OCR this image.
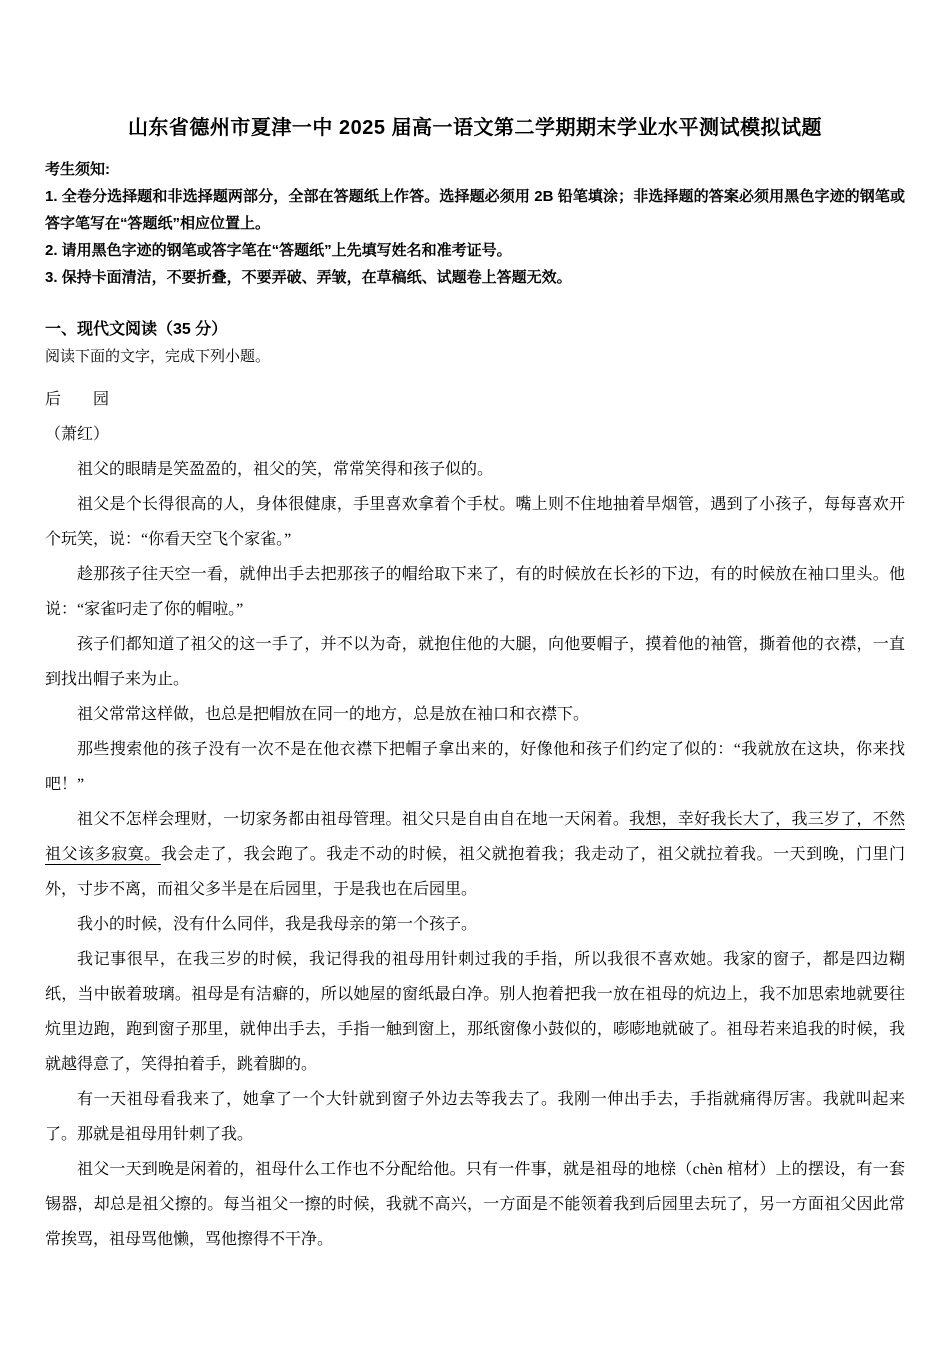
山东省德州市夏津一中 2025 届高一语文第二学期期末学业水平测试模拟试题

考生须知:

1. 全卷分选择题和非选择题两部分，全部在答题纸上作答。选择题必须用 2B 铅笔填涂；非选择题的答案必须用黑色字迹的钢笔或答字笔写在“答题纸”相应位置上。

2. 请用黑色字迹的钢笔或答字笔在“答题纸”上先填写姓名和准考证号。

3. 保持卡面清洁，不要折叠，不要弄破、弄皱，在草稿纸、试题卷上答题无效。

一、现代文阅读（35 分）
阅读下面的文字，完成下列小题。

后　　园

（萧红）

祖父的眼睛是笑盈盈的，祖父的笑，常常笑得和孩子似的。

祖父是个长得很高的人，身体很健康，手里喜欢拿着个手杖。嘴上则不住地抽着旱烟管，遇到了小孩子，每每喜欢开个玩笑，说：“你看天空飞个家雀。”

趁那孩子往天空一看，就伸出手去把那孩子的帽给取下来了，有的时候放在长衫的下边，有的时候放在袖口里头。他说：“家雀叼走了你的帽啦。”

孩子们都知道了祖父的这一手了，并不以为奇，就抱住他的大腿，向他要帽子，摸着他的袖管，撕着他的衣襟，一直到找出帽子来为止。

祖父常常这样做，也总是把帽放在同一的地方，总是放在袖口和衣襟下。

那些搜索他的孩子没有一次不是在他衣襟下把帽子拿出来的，好像他和孩子们约定了似的：“我就放在这块，你来找吧！”

祖父不怎样会理财，一切家务都由祖母管理。祖父只是自由自在地一天闲着。我想，幸好我长大了，我三岁了，不然祖父该多寂寞。我会走了，我会跑了。我走不动的时候，祖父就抱着我；我走动了，祖父就拉着我。一天到晚，门里门外，寸步不离，而祖父多半是在后园里，于是我也在后园里。

我小的时候，没有什么同伴，我是我母亲的第一个孩子。

我记事很早，在我三岁的时候，我记得我的祖母用针刺过我的手指，所以我很不喜欢她。我家的窗子，都是四边糊纸，当中嵌着玻璃。祖母是有洁癖的，所以她屋的窗纸最白净。别人抱着把我一放在祖母的炕边上，我不加思索地就要往炕里边跑，跑到窗子那里，就伸出手去，手指一触到窗上，那纸窗像小鼓似的，嘭嘭地就破了。祖母若来追我的时候，我就越得意了，笑得拍着手，跳着脚的。

有一天祖母看我来了，她拿了一个大针就到窗子外边去等我去了。我刚一伸出手去，手指就痛得厉害。我就叫起来了。那就是祖母用针刺了我。

祖父一天到晚是闲着的，祖母什么工作也不分配给他。只有一件事，就是祖母的地榇（chèn 棺材）上的摆设，有一套锡器，却总是祖父擦的。每当祖父一擦的时候，我就不高兴，一方面是不能领着我到后园里去玩了，另一方面祖父因此常常挨骂，祖母骂他懒，骂他擦得不干净。
